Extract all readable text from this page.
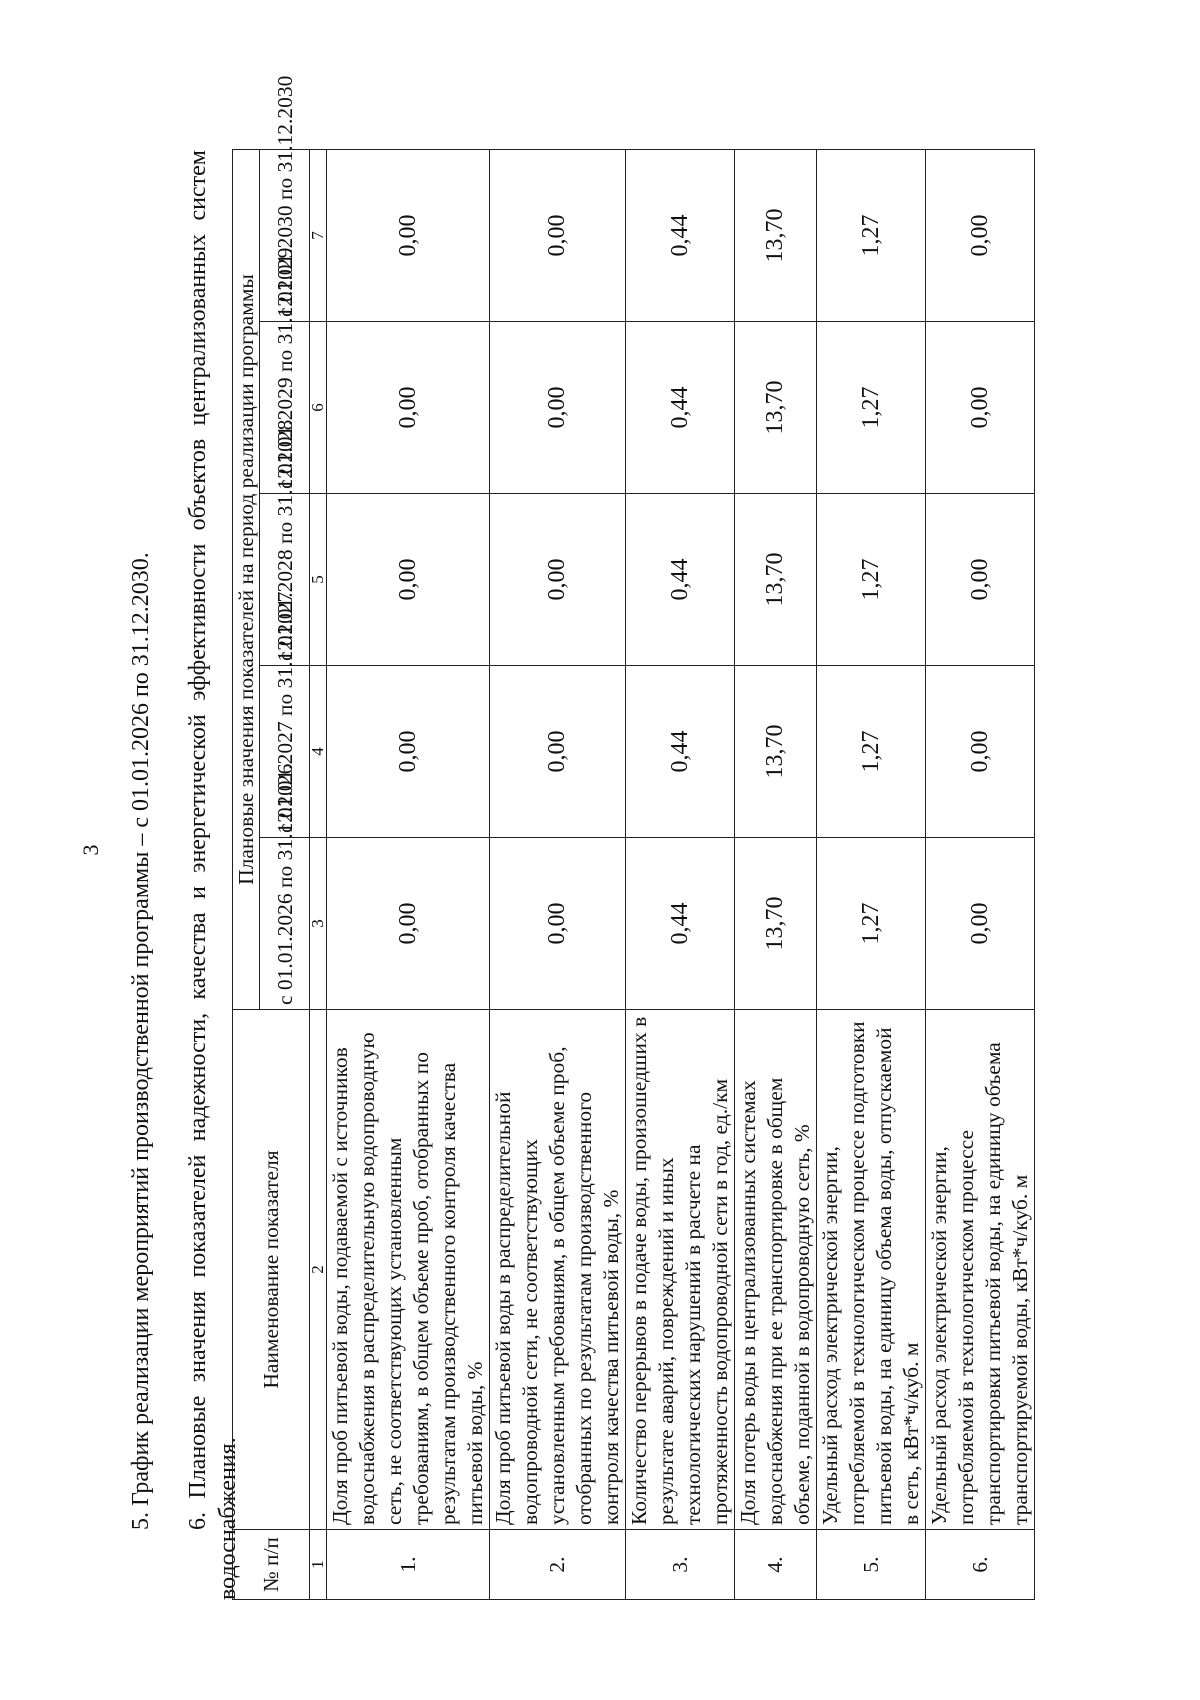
3 5. График реализации мероприятий производственной программы – с 01.01.2026 по 31.12.2030. 6. Плановые значения показателей надежности, качества и энергетической эффективности объектов централизованных систем водоснабжения. № п/п	Наименование показателя	Плановые значения показателей на период реализации программы				
		с 01.01.2026 по 31.12.2026	с 01.01.2027 по 31.12.2027	с 01.01.2028 по 31.12.2028	с 01.01.2029 по 31.12.2029	с 01.01.2030 по 31.12.2030
1	2	3	4	5	6	7
1.	Доля проб питьевой воды, подаваемой с источников водоснабжения в распределительную водопроводную сеть, не соответствующих установленным требованиям, в общем объеме проб, отобранных по результатам производственного контроля качества питьевой воды, %	0,00	0,00	0,00	0,00	0,00
2.	Доля проб питьевой воды в распределительной водопроводной сети, не соответствующих установленным требованиям, в общем объеме проб, отобранных по результатам производственного контроля качества питьевой воды, %	0,00	0,00	0,00	0,00	0,00
3.	Количество перерывов в подаче воды, произошедших в результате аварий, повреждений и иных технологических нарушений в расчете на протяженность водопроводной сети в год, ед./км	0,44	0,44	0,44	0,44	0,44
4.	Доля потерь воды в централизованных системах водоснабжения при ее транспортировке в общем объеме, поданной в водопроводную сеть, %	13,70	13,70	13,70	13,70	13,70
5.	Удельный расход электрической энергии, потребляемой в технологическом процессе подготовки питьевой воды, на единицу объема воды, отпускаемой в сеть, кВт*ч/куб. м	1,27	1,27	1,27	1,27	1,27
6.	Удельный расход электрической энергии, потребляемой в технологическом процессе транспортировки питьевой воды, на единицу объема транспортируемой воды, кВт*ч/куб. м	0,00	0,00	0,00	0,00	0,00
